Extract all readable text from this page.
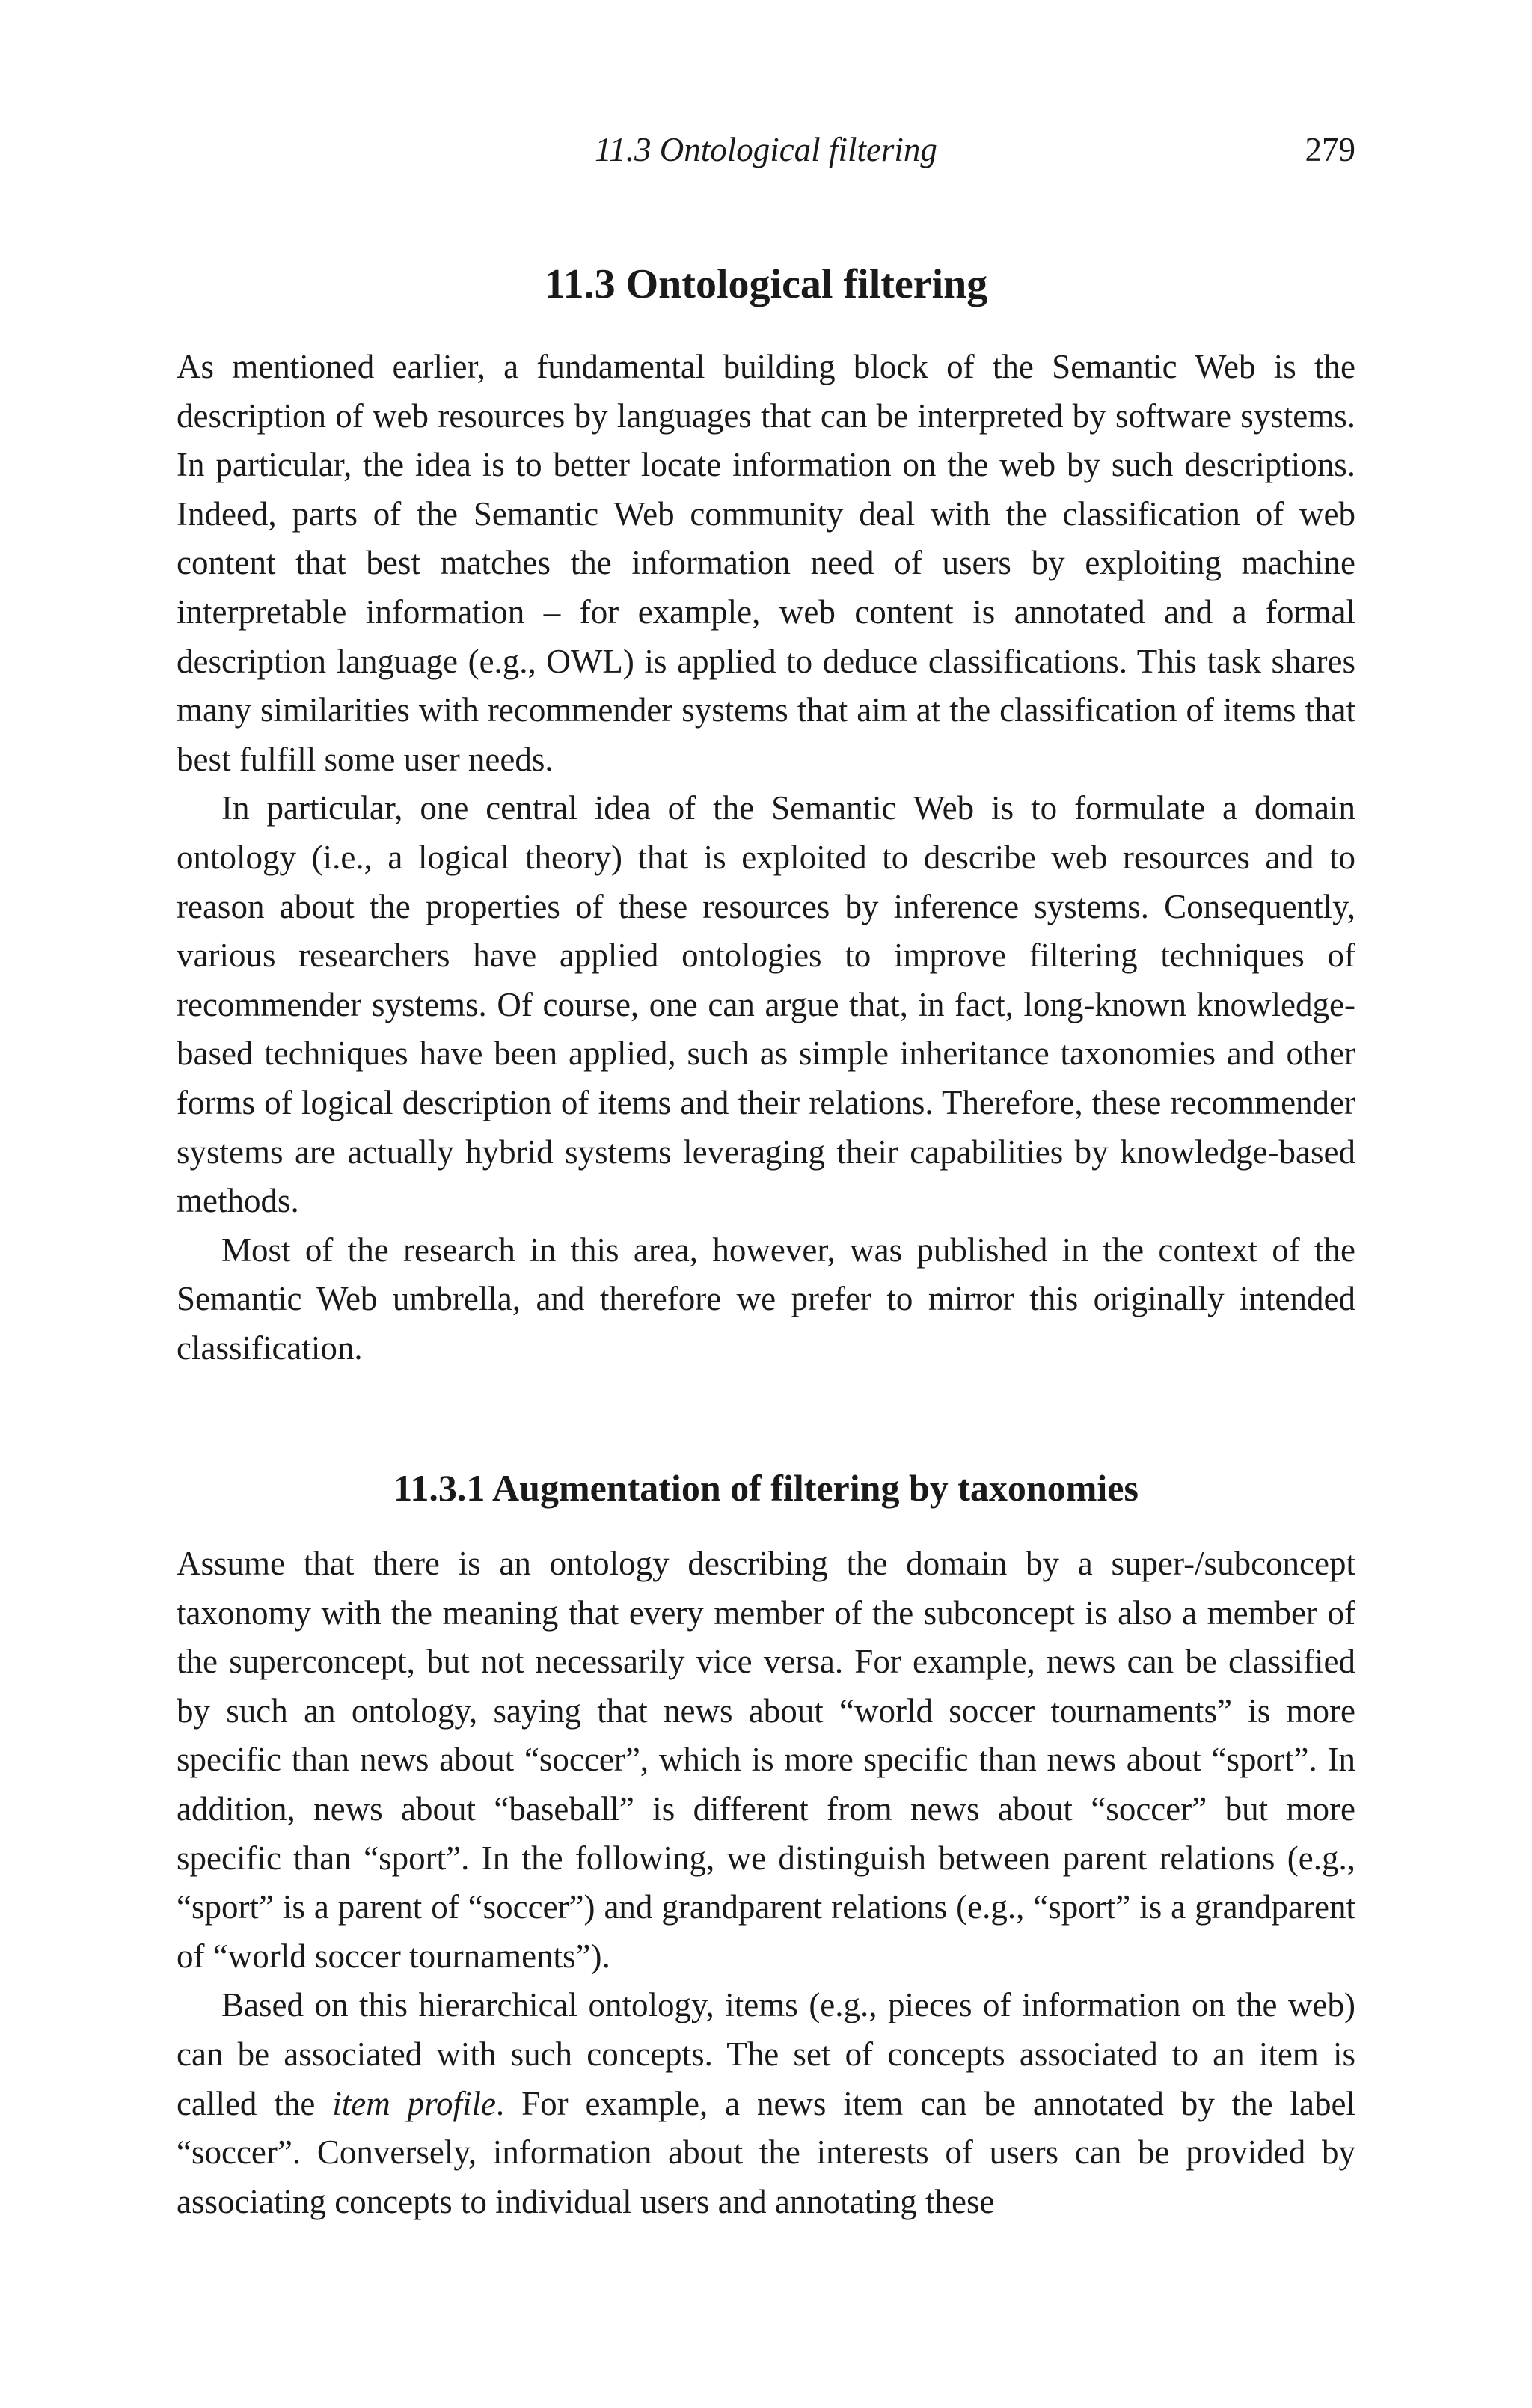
11.3 Ontological filtering	279
11.3 Ontological filtering

As mentioned earlier, a fundamental building block of the Semantic Web is the description of web resources by languages that can be interpreted by software systems. In particular, the idea is to better locate information on the web by such descriptions. Indeed, parts of the Semantic Web community deal with the classification of web content that best matches the information need of users by exploiting machine interpretable information – for example, web content is annotated and a formal description language (e.g., OWL) is applied to deduce classifications. This task shares many similarities with recommender systems that aim at the classification of items that best fulfill some user needs.

In particular, one central idea of the Semantic Web is to formulate a domain ontology (i.e., a logical theory) that is exploited to describe web resources and to reason about the properties of these resources by inference systems. Consequently, various researchers have applied ontologies to improve filtering techniques of recommender systems. Of course, one can argue that, in fact, long-known knowledge-based techniques have been applied, such as simple inheritance taxonomies and other forms of logical description of items and their relations. Therefore, these recommender systems are actually hybrid systems leveraging their capabilities by knowledge-based methods.

Most of the research in this area, however, was published in the context of the Semantic Web umbrella, and therefore we prefer to mirror this originally intended classification.

11.3.1 Augmentation of filtering by taxonomies

Assume that there is an ontology describing the domain by a super-/subconcept taxonomy with the meaning that every member of the subconcept is also a member of the superconcept, but not necessarily vice versa. For example, news can be classified by such an ontology, saying that news about “world soccer tournaments” is more specific than news about “soccer”, which is more specific than news about “sport”. In addition, news about “baseball” is different from news about “soccer” but more specific than “sport”. In the following, we distinguish between parent relations (e.g., “sport” is a parent of “soccer”) and grandparent relations (e.g., “sport” is a grandparent of “world soccer tournaments”).

Based on this hierarchical ontology, items (e.g., pieces of information on the web) can be associated with such concepts. The set of concepts associated to an item is called the item profile. For example, a news item can be annotated by the label “soccer”. Conversely, information about the interests of users can be provided by associating concepts to individual users and annotating these
